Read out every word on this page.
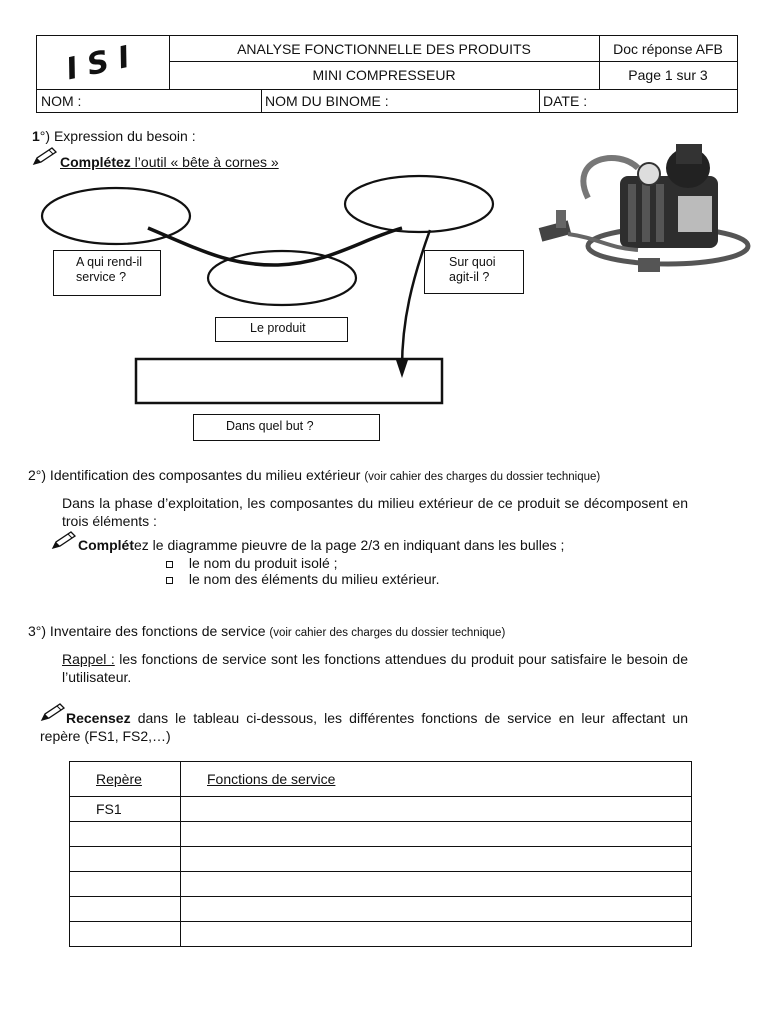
ISI	ANALYSE FONCTIONNELLE DES PRODUITS	Doc réponse AFB
MINI COMPRESSEUR	Page 1 sur 3
NOM :	NOM DU BINOME :	DATE :
1°) Expression du besoin :
Complétez l’outil « bête à cornes »
A qui rend-il service ?
Sur quoi agit-il ?
Le produit
Dans quel but ?
2°) Identification des composantes du milieu extérieur (voir cahier des charges du dossier technique)

Dans la phase d’exploitation, les composantes du milieu extérieur de ce produit se décomposent en trois éléments :

Complétez le diagramme pieuvre de la page 2/3 en indiquant dans les bulles ;
le nom du produit isolé ;
le nom des éléments du milieu extérieur.
3°) Inventaire des fonctions de service (voir cahier des charges du dossier technique)

Rappel : les fonctions de service sont les fonctions attendues du produit pour satisfaire le besoin de l’utilisateur.

Recensez dans le tableau ci-dessous, les différentes fonctions de service en leur affectant un repère (FS1, FS2,…)

Repère	Fonctions de service
FS1	
